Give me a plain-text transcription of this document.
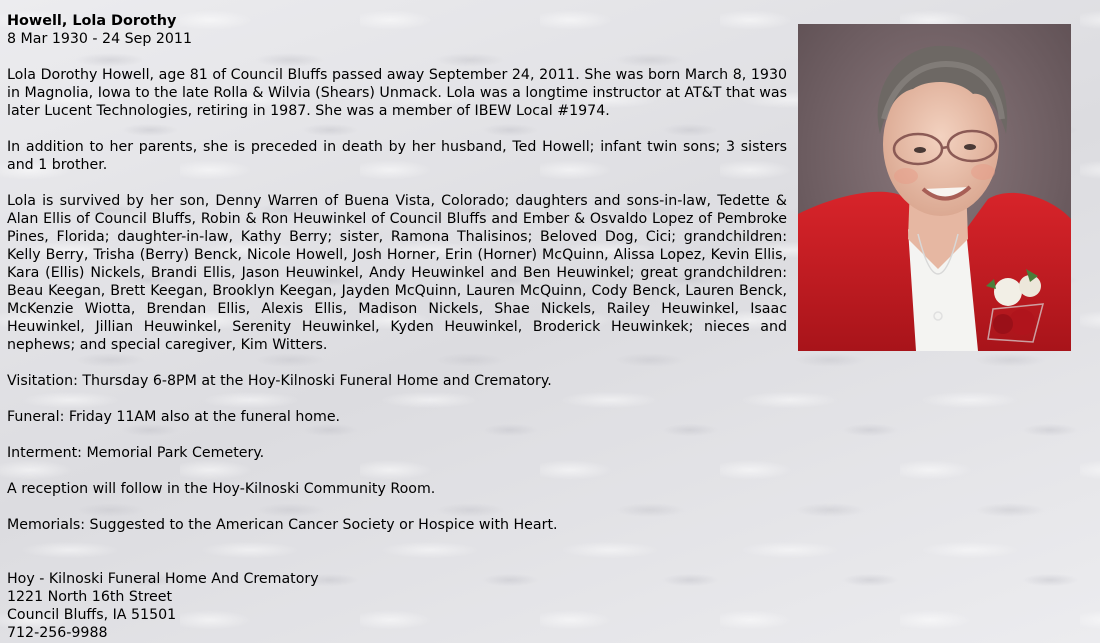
Howell, Lola Dorothy

8 Mar 1930 - 24 Sep 2011

Lola Dorothy Howell, age 81 of Council Bluffs passed away September 24, 2011. She was born March 8, 1930 in Magnolia, Iowa to the late Rolla & Wilvia (Shears) Unmack. Lola was a longtime instructor at AT&T that was later Lucent Technologies, retiring in 1987. She was a member of IBEW Local #1974.

In addition to her parents, she is preceded in death by her husband, Ted Howell; infant twin sons; 3 sisters and 1 brother.

Lola is survived by her son, Denny Warren of Buena Vista, Colorado; daughters and sons-in-law, Tedette & Alan Ellis of Council Bluffs, Robin & Ron Heuwinkel of Council Bluffs and Ember & Osvaldo Lopez of Pembroke Pines, Florida; daughter-in-law, Kathy Berry; sister, Ramona Thalisinos; Beloved Dog, Cici; grandchildren: Kelly Berry, Trisha (Berry) Benck, Nicole Howell, Josh Horner, Erin (Horner) McQuinn, Alissa Lopez, Kevin Ellis, Kara (Ellis) Nickels, Brandi Ellis, Jason Heuwinkel, Andy Heuwinkel and Ben Heuwinkel; great grandchildren: Beau Keegan, Brett Keegan, Brooklyn Keegan, Jayden McQuinn, Lauren McQuinn, Cody Benck, Lauren Benck, McKenzie Wiotta, Brendan Ellis, Alexis Ellis, Madison Nickels, Shae Nickels, Railey Heuwinkel, Isaac Heuwinkel, Jillian Heuwinkel, Serenity Heuwinkel, Kyden Heuwinkel, Broderick Heuwinkek; nieces and nephews; and special caregiver, Kim Witters.

Visitation: Thursday 6-8PM at the Hoy-Kilnoski Funeral Home and Crematory.

Funeral: Friday 11AM also at the funeral home.

Interment: Memorial Park Cemetery.

A reception will follow in the Hoy-Kilnoski Community Room.

Memorials: Suggested to the American Cancer Society or Hospice with Heart.

Hoy - Kilnoski Funeral Home And Crematory

1221 North 16th Street

Council Bluffs, IA 51501

712-256-9988
